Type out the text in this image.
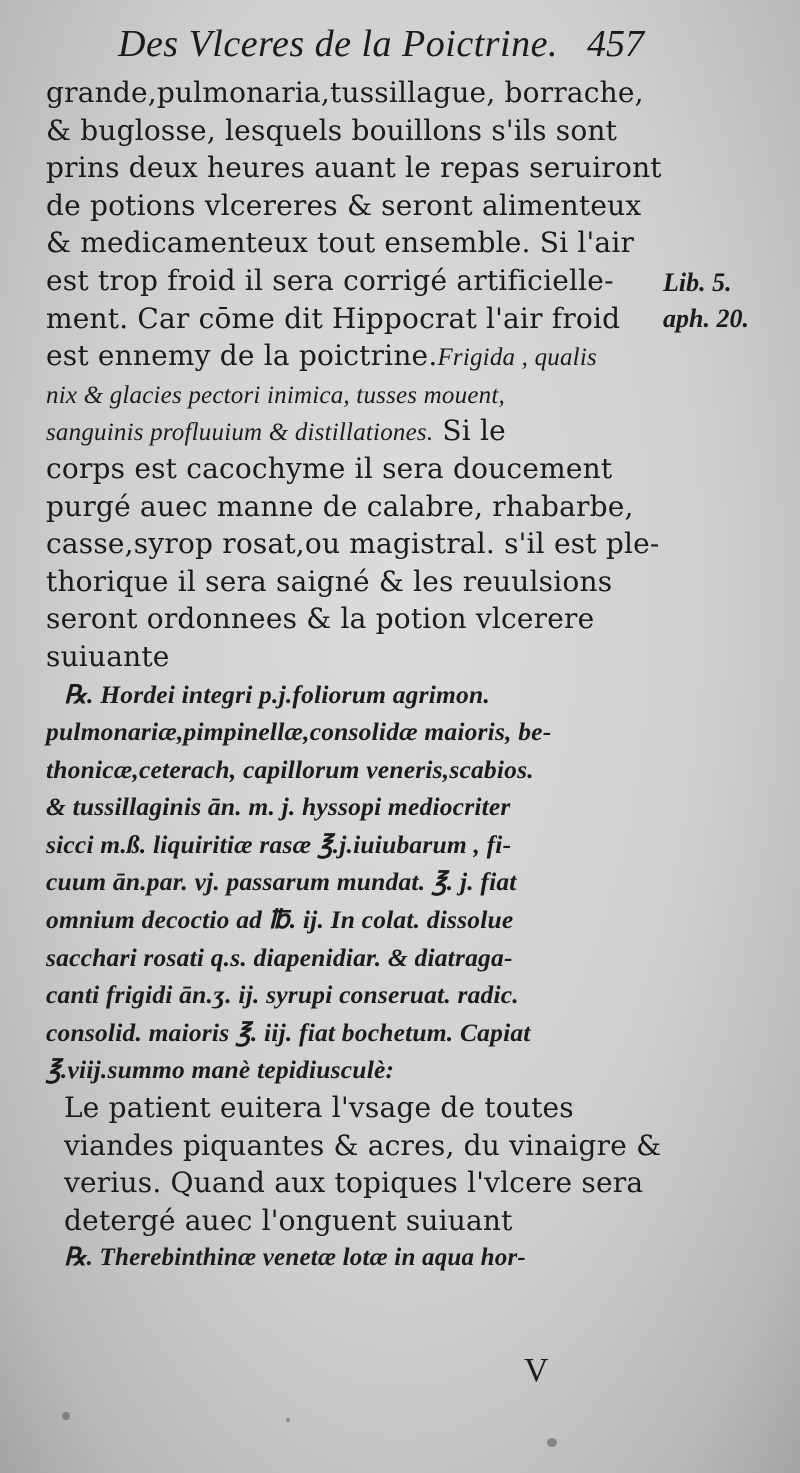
Des Vlceres de la Poictrine. 457
grande,pulmonaria,tussillague, borrache,
& buglosse, lesquels bouillons s'ils sont
prins deux heures auant le repas seruiront
de potions vlcereres & seront alimenteux
& medicamenteux tout ensemble. Si l'air
est trop froid il sera corrigé artificielle-
ment. Car cōme dit Hippocrat l'air froid
est ennemy de la poictrine.Frigida , qualis
nix & glacies pectori inimica, tusses mouent,
sanguinis profluuium & distillationes. Si le
corps est cacochyme il sera doucement
purgé auec manne de calabre, rhabarbe,
casse,syrop rosat,ou magistral. s'il est ple-
thorique il sera saigné & les reuulsions
seront ordonnees & la potion vlcerere
suiuante
℞. Hordei integri p.j.foliorum agrimon.
pulmonariæ,pimpinellæ,consolidæ maioris, be-
thonicæ,ceterach, capillorum veneris,scabios.
& tussillaginis ān. m. j. hyssopi mediocriter
sicci m.ß. liquiritiæ rasæ ℥.j.iuiubarum , fi-
cuum ān.par. vj. passarum mundat. ℥. j. fiat
omnium decoctio ad ℔. ij. In colat. dissolue
sacchari rosati q.s. diapenidiar. & diatraga-
canti frigidi ān.ʒ. ij. syrupi conseruat. radic.
consolid. maioris ℥. iij. fiat bochetum. Capiat
℥.viij.summo manè tepidiusculè:
Le patient euitera l'vsage de toutes
viandes piquantes & acres, du vinaigre &
verius. Quand aux topiques l'vlcere sera
detergé auec l'onguent suiuant
℞. Therebinthinæ venetæ lotæ in aqua hor-
Lib. 5.
aph. 20.
V
